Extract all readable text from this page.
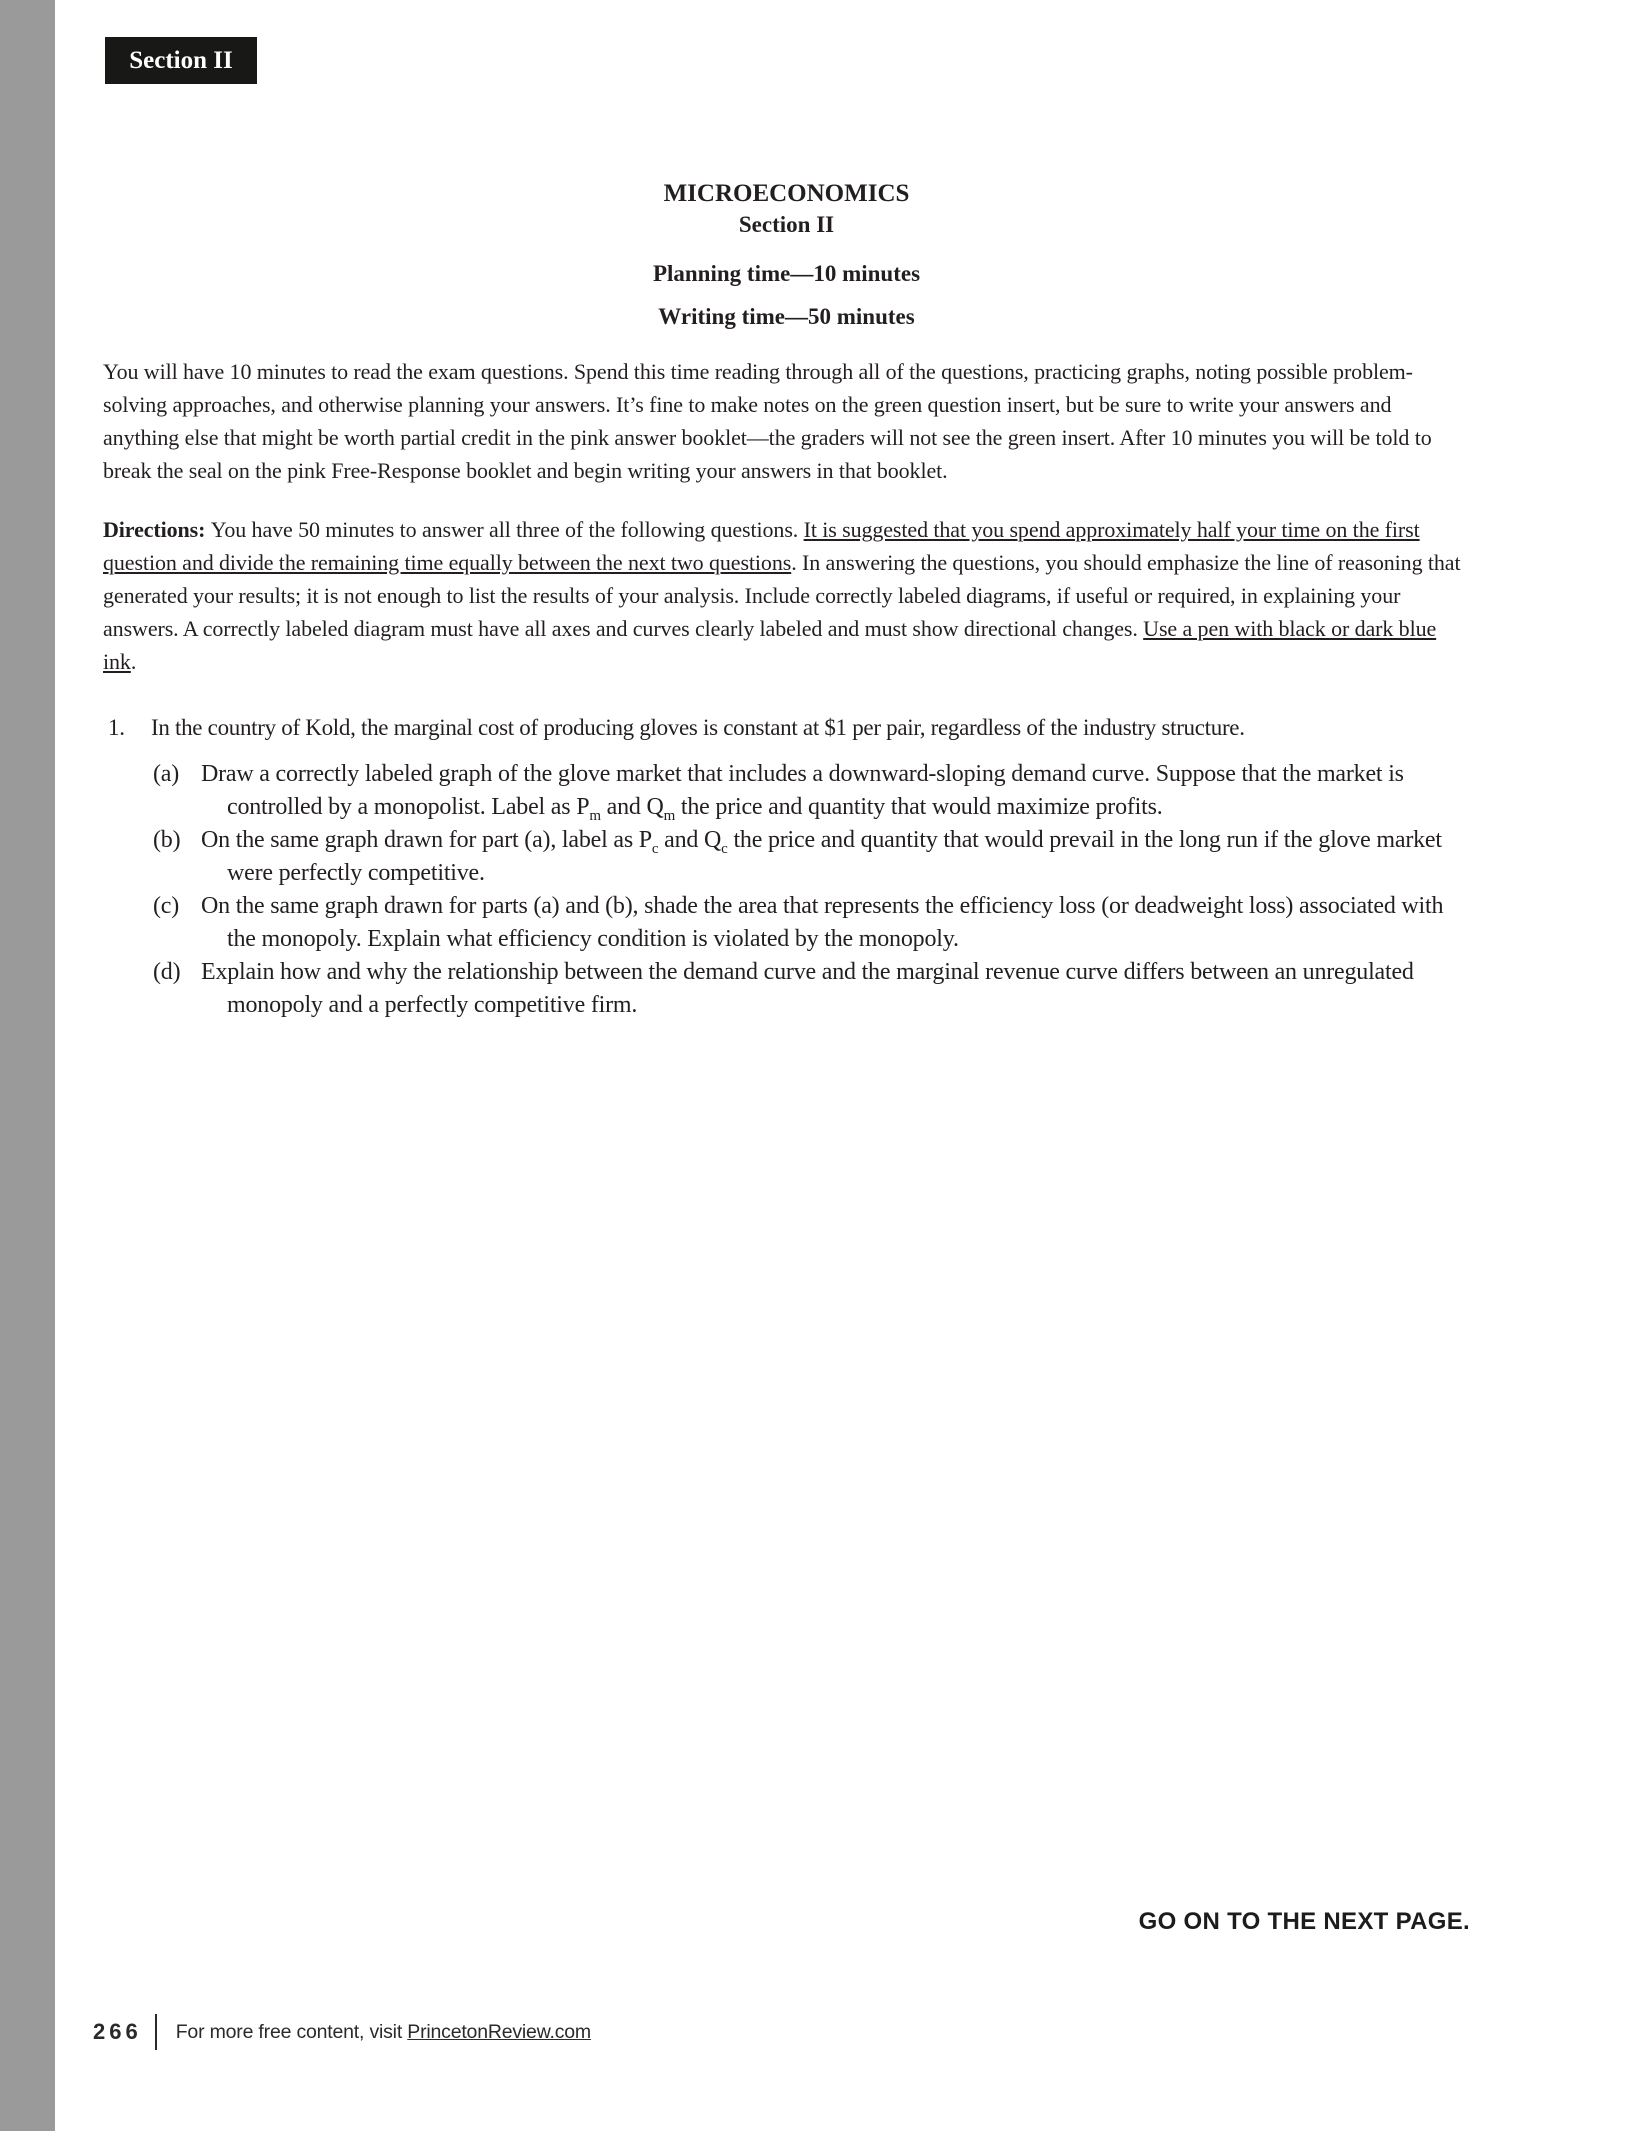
Section II
MICROECONOMICS
Section II
Planning time—10 minutes
Writing time—50 minutes

You will have 10 minutes to read the exam questions. Spend this time reading through all of the questions, practicing graphs, noting possible problem-solving approaches, and otherwise planning your answers. It’s fine to make notes on the green question insert, but be sure to write your answers and anything else that might be worth partial credit in the pink answer booklet—the graders will not see the green insert. After 10 minutes you will be told to break the seal on the pink Free-Response booklet and begin writing your answers in that booklet.

Directions: You have 50 minutes to answer all three of the following questions. It is suggested that you spend approximately half your time on the first question and divide the remaining time equally between the next two questions. In answering the questions, you should emphasize the line of reasoning that generated your results; it is not enough to list the results of your analysis. Include correctly labeled diagrams, if useful or required, in explaining your answers. A correctly labeled diagram must have all axes and curves clearly labeled and must show directional changes. Use a pen with black or dark blue ink.

1. In the country of Kold, the marginal cost of producing gloves is constant at $1 per pair, regardless of the industry structure.
(a) Draw a correctly labeled graph of the glove market that includes a downward-sloping demand curve. Suppose that the market is controlled by a monopolist. Label as $P_m$ and $Q_m$ the price and quantity that would maximize profits.
(b) On the same graph drawn for part (a), label as $P_c$ and $Q_c$ the price and quantity that would prevail in the long run if the glove market were perfectly competitive.
(c) On the same graph drawn for parts (a) and (b), shade the area that represents the efficiency loss (or deadweight loss) associated with the monopoly. Explain what efficiency condition is violated by the monopoly.
(d) Explain how and why the relationship between the demand curve and the marginal revenue curve differs between an unregulated monopoly and a perfectly competitive firm.
GO ON TO THE NEXT PAGE.
266 For more free content, visit PrincetonReview.com
